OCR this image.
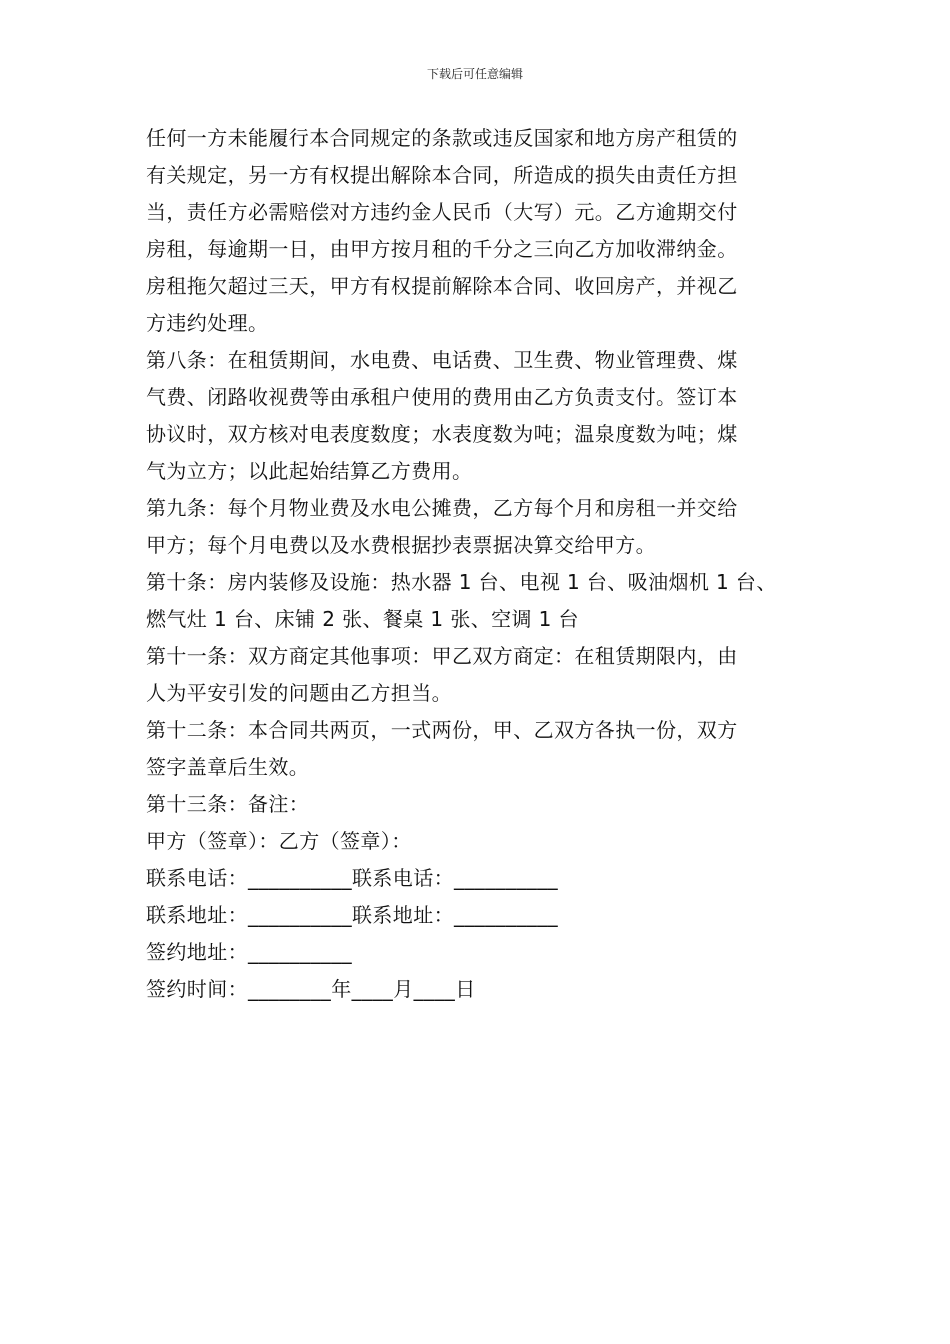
下载后可任意编辑
任何一方未能履行本合同规定的条款或违反国家和地方房产租赁的
有关规定，另一方有权提出解除本合同，所造成的损失由责任方担
当，责任方必需赔偿对方违约金人民币（大写）元。乙方逾期交付
房租，每逾期一日，由甲方按月租的千分之三向乙方加收滞纳金。
房租拖欠超过三天，甲方有权提前解除本合同、收回房产，并视乙
方违约处理。
第八条：在租赁期间，水电费、电话费、卫生费、物业管理费、煤
气费、闭路收视费等由承租户使用的费用由乙方负责支付。签订本
协议时，双方核对电表度数度；水表度数为吨；温泉度数为吨；煤
气为立方；以此起始结算乙方费用。
第九条：每个月物业费及水电公摊费，乙方每个月和房租一并交给
甲方；每个月电费以及水费根据抄表票据决算交给甲方。
第十条：房内装修及设施：热水器 1 台、电视 1 台、吸油烟机 1 台、
燃气灶 1 台、床铺 2 张、餐桌 1 张、空调 1 台
第十一条：双方商定其他事项：甲乙双方商定：在租赁期限内，由
人为平安引发的问题由乙方担当。
第十二条：本合同共两页，一式两份，甲、乙双方各执一份，双方
签字盖章后生效。
第十三条：备注：
甲方（签章）：乙方（签章）：
联系电话：__________联系电话：__________
联系地址：__________联系地址：__________
签约地址：__________
签约时间：________年____月____日
